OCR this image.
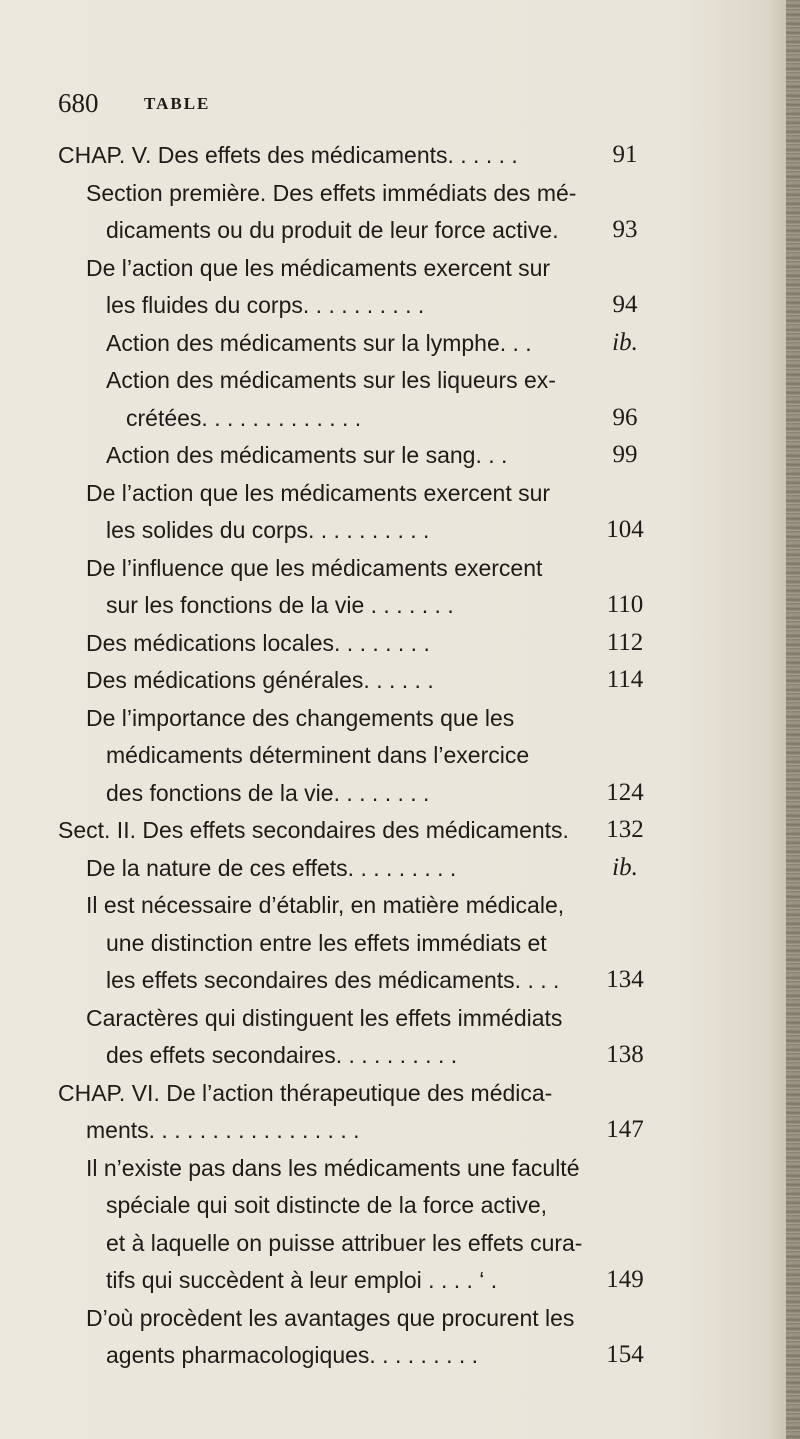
680	TABLE
CHAP. V. Des effets des médicaments. . . . . .	91
Section première. Des effets immédiats des mé-
dicaments ou du produit de leur force active.	93
De l’action que les médicaments exercent sur
les fluides du corps. . . . . . . . . .	94
Action des médicaments sur la lymphe. . .	ib.
Action des médicaments sur les liqueurs ex-
crétées. . . . . . . . . . . . .	96
Action des médicaments sur le sang. . .	99
De l’action que les médicaments exercent sur
les solides du corps. . . . . . . . . .	104
De l’influence que les médicaments exercent
sur les fonctions de la vie . . . . . . .	110
Des médications locales. . . . . . . .	112
Des médications générales. . . . . .	114
De l’importance des changements que les
médicaments déterminent dans l’exercice
des fonctions de la vie. . . . . . . .	124
Sect. II. Des effets secondaires des médicaments. 132
De la nature de ces effets. . . . . . . . .	ib.
Il est nécessaire d’établir, en matière médicale,
une distinction entre les effets immédiats et
les effets secondaires des médicaments. . . . 134
Caractères qui distinguent les effets immédiats
des effets secondaires. . . . . . . . . .	138
CHAP. VI. De l’action thérapeutique des médica-
ments. . . . . . . . . . . . . . . . .	147
Il n’existe pas dans les médicaments une faculté
spéciale qui soit distincte de la force active,
et à laquelle on puisse attribuer les effets cura-
tifs qui succèdent à leur emploi . . . . ‘ .	149
D’où procèdent les avantages que procurent les
agents pharmacologiques. . . . . . . . .	154
